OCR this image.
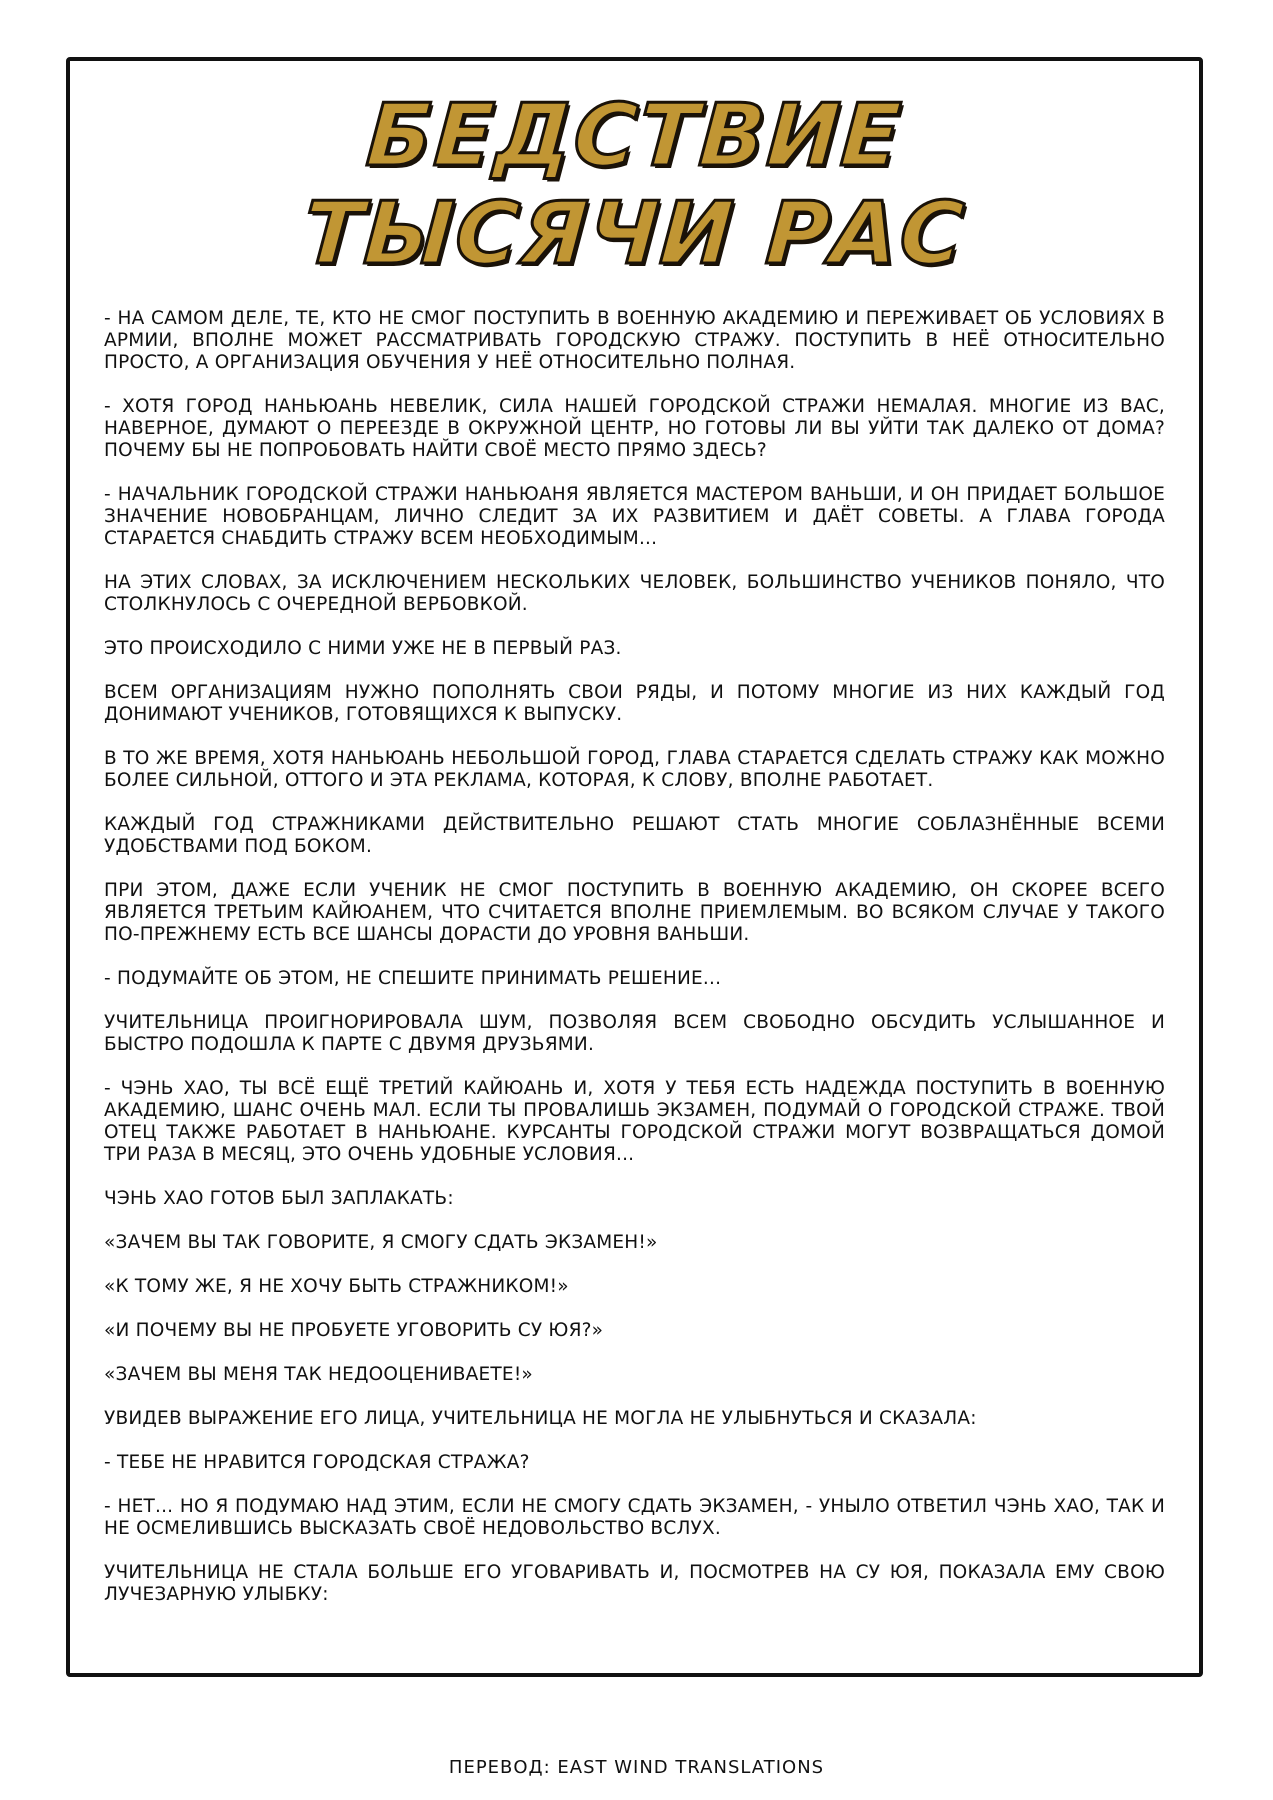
БЕДСТВИЕ
ТЫСЯЧИ РАС

- НА САМОМ ДЕЛЕ, ТЕ, КТО НЕ СМОГ ПОСТУПИТЬ В ВОЕННУЮ АКАДЕМИЮ И ПЕРЕЖИВАЕТ ОБ УСЛОВИЯХ В АРМИИ, ВПОЛНЕ МОЖЕТ РАССМАТРИВАТЬ ГОРОДСКУЮ СТРАЖУ. ПОСТУПИТЬ В НЕЁ ОТНОСИТЕЛЬНО ПРОСТО, А ОРГАНИЗАЦИЯ ОБУЧЕНИЯ У НЕЁ ОТНОСИТЕЛЬНО ПОЛНАЯ.

- ХОТЯ ГОРОД НАНЬЮАНЬ НЕВЕЛИК, СИЛА НАШЕЙ ГОРОДСКОЙ СТРАЖИ НЕМАЛАЯ. МНОГИЕ ИЗ ВАС, НАВЕРНОЕ, ДУМАЮТ О ПЕРЕЕЗДЕ В ОКРУЖНОЙ ЦЕНТР, НО ГОТОВЫ ЛИ ВЫ УЙТИ ТАК ДАЛЕКО ОТ ДОМА? ПОЧЕМУ БЫ НЕ ПОПРОБОВАТЬ НАЙТИ СВОЁ МЕСТО ПРЯМО ЗДЕСЬ?

- НАЧАЛЬНИК ГОРОДСКОЙ СТРАЖИ НАНЬЮАНЯ ЯВЛЯЕТСЯ МАСТЕРОМ ВАНЬШИ, И ОН ПРИДАЕТ БОЛЬШОЕ ЗНАЧЕНИЕ НОВОБРАНЦАМ, ЛИЧНО СЛЕДИТ ЗА ИХ РАЗВИТИЕМ И ДАЁТ СОВЕТЫ. А ГЛАВА ГОРОДА СТАРАЕТСЯ СНАБДИТЬ СТРАЖУ ВСЕМ НЕОБХОДИМЫМ...

НА ЭТИХ СЛОВАХ, ЗА ИСКЛЮЧЕНИЕМ НЕСКОЛЬКИХ ЧЕЛОВЕК, БОЛЬШИНСТВО УЧЕНИКОВ ПОНЯЛО, ЧТО СТОЛКНУЛОСЬ С ОЧЕРЕДНОЙ ВЕРБОВКОЙ.

ЭТО ПРОИСХОДИЛО С НИМИ УЖЕ НЕ В ПЕРВЫЙ РАЗ.

ВСЕМ ОРГАНИЗАЦИЯМ НУЖНО ПОПОЛНЯТЬ СВОИ РЯДЫ, И ПОТОМУ МНОГИЕ ИЗ НИХ КАЖДЫЙ ГОД ДОНИМАЮТ УЧЕНИКОВ, ГОТОВЯЩИХСЯ К ВЫПУСКУ.

В ТО ЖЕ ВРЕМЯ, ХОТЯ НАНЬЮАНЬ НЕБОЛЬШОЙ ГОРОД, ГЛАВА СТАРАЕТСЯ СДЕЛАТЬ СТРАЖУ КАК МОЖНО БОЛЕЕ СИЛЬНОЙ, ОТТОГО И ЭТА РЕКЛАМА, КОТОРАЯ, К СЛОВУ, ВПОЛНЕ РАБОТАЕТ.

КАЖДЫЙ ГОД СТРАЖНИКАМИ ДЕЙСТВИТЕЛЬНО РЕШАЮТ СТАТЬ МНОГИЕ СОБЛАЗНЁННЫЕ ВСЕМИ УДОБСТВАМИ ПОД БОКОМ.

ПРИ ЭТОМ, ДАЖЕ ЕСЛИ УЧЕНИК НЕ СМОГ ПОСТУПИТЬ В ВОЕННУЮ АКАДЕМИЮ, ОН СКОРЕЕ ВСЕГО ЯВЛЯЕТСЯ ТРЕТЬИМ КАЙЮАНЕМ, ЧТО СЧИТАЕТСЯ ВПОЛНЕ ПРИЕМЛЕМЫМ. ВО ВСЯКОМ СЛУЧАЕ У ТАКОГО ПО-ПРЕЖНЕМУ ЕСТЬ ВСЕ ШАНСЫ ДОРАСТИ ДО УРОВНЯ ВАНЬШИ.

- ПОДУМАЙТЕ ОБ ЭТОМ, НЕ СПЕШИТЕ ПРИНИМАТЬ РЕШЕНИЕ...

УЧИТЕЛЬНИЦА ПРОИГНОРИРОВАЛА ШУМ, ПОЗВОЛЯЯ ВСЕМ СВОБОДНО ОБСУДИТЬ УСЛЫШАННОЕ И БЫСТРО ПОДОШЛА К ПАРТЕ С ДВУМЯ ДРУЗЬЯМИ.

- ЧЭНЬ ХАО, ТЫ ВСЁ ЕЩЁ ТРЕТИЙ КАЙЮАНЬ И, ХОТЯ У ТЕБЯ ЕСТЬ НАДЕЖДА ПОСТУПИТЬ В ВОЕННУЮ АКАДЕМИЮ, ШАНС ОЧЕНЬ МАЛ. ЕСЛИ ТЫ ПРОВАЛИШЬ ЭКЗАМЕН, ПОДУМАЙ О ГОРОДСКОЙ СТРАЖЕ. ТВОЙ ОТЕЦ ТАКЖЕ РАБОТАЕТ В НАНЬЮАНЕ. КУРСАНТЫ ГОРОДСКОЙ СТРАЖИ МОГУТ ВОЗВРАЩАТЬСЯ ДОМОЙ ТРИ РАЗА В МЕСЯЦ, ЭТО ОЧЕНЬ УДОБНЫЕ УСЛОВИЯ...

ЧЭНЬ ХАО ГОТОВ БЫЛ ЗАПЛАКАТЬ:

«ЗАЧЕМ ВЫ ТАК ГОВОРИТЕ, Я СМОГУ СДАТЬ ЭКЗАМЕН!»

«К ТОМУ ЖЕ, Я НЕ ХОЧУ БЫТЬ СТРАЖНИКОМ!»

«И ПОЧЕМУ ВЫ НЕ ПРОБУЕТЕ УГОВОРИТЬ СУ ЮЯ?»

«ЗАЧЕМ ВЫ МЕНЯ ТАК НЕДООЦЕНИВАЕТЕ!»

УВИДЕВ ВЫРАЖЕНИЕ ЕГО ЛИЦА, УЧИТЕЛЬНИЦА НЕ МОГЛА НЕ УЛЫБНУТЬСЯ И СКАЗАЛА:

- ТЕБЕ НЕ НРАВИТСЯ ГОРОДСКАЯ СТРАЖА?

- НЕТ... НО Я ПОДУМАЮ НАД ЭТИМ, ЕСЛИ НЕ СМОГУ СДАТЬ ЭКЗАМЕН, - УНЫЛО ОТВЕТИЛ ЧЭНЬ ХАО, ТАК И НЕ ОСМЕЛИВШИСЬ ВЫСКАЗАТЬ СВОЁ НЕДОВОЛЬСТВО ВСЛУХ.

УЧИТЕЛЬНИЦА НЕ СТАЛА БОЛЬШЕ ЕГО УГОВАРИВАТЬ И, ПОСМОТРЕВ НА СУ ЮЯ, ПОКАЗАЛА ЕМУ СВОЮ ЛУЧЕЗАРНУЮ УЛЫБКУ:

ПЕРЕВОД: EAST WIND TRANSLATIONS
